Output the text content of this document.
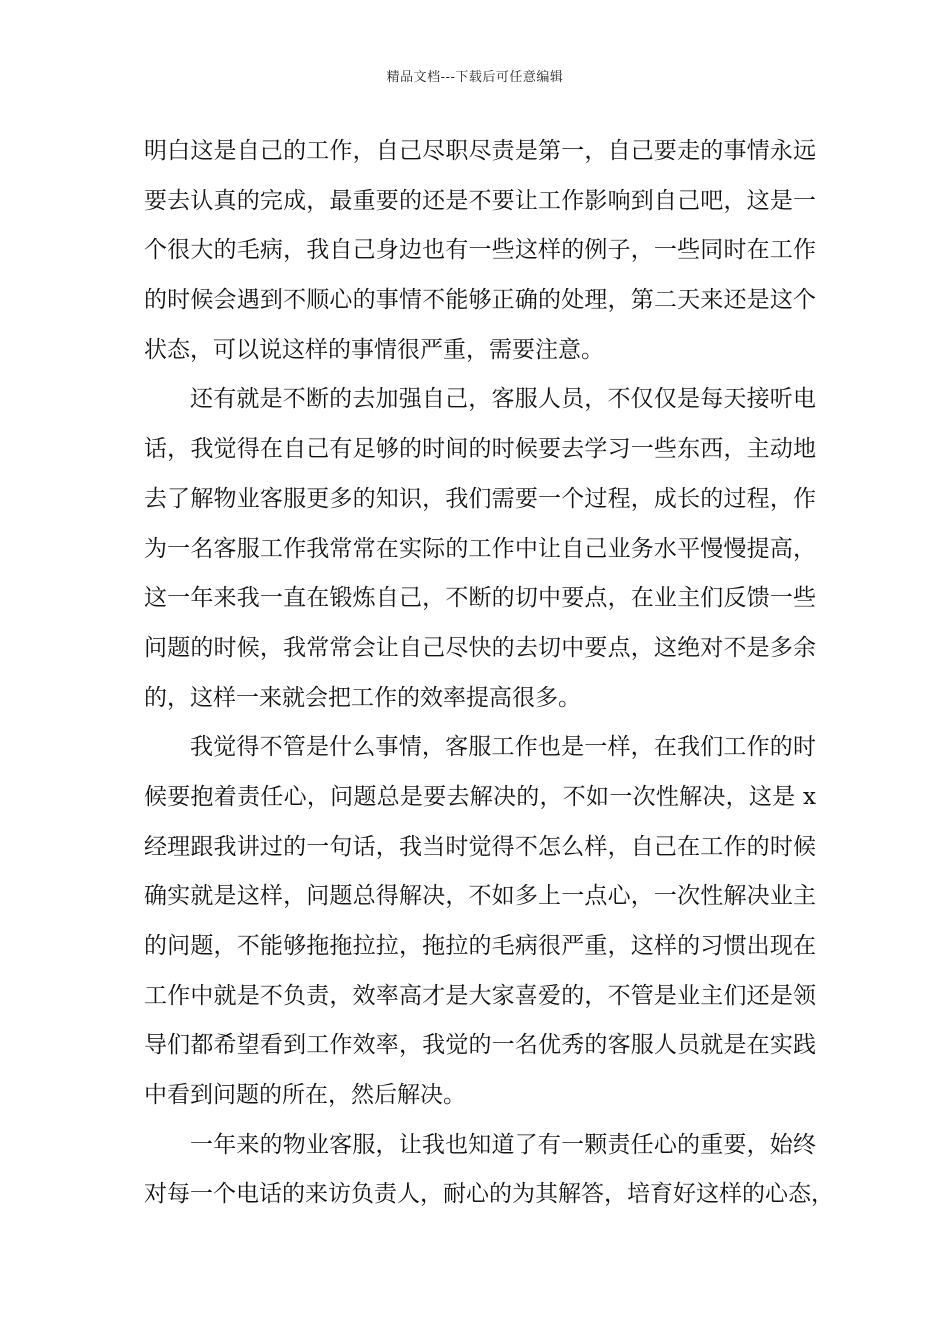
精品文档---下载后可任意编辑
明白这是自己的工作，自己尽职尽责是第一，自己要走的事情永远
要去认真的完成，最重要的还是不要让工作影响到自己吧，这是一
个很大的毛病，我自己身边也有一些这样的例子，一些同时在工作
的时候会遇到不顺心的事情不能够正确的处理，第二天来还是这个
状态，可以说这样的事情很严重，需要注意。
还有就是不断的去加强自己，客服人员，不仅仅是每天接听电
话，我觉得在自己有足够的时间的时候要去学习一些东西，主动地
去了解物业客服更多的知识，我们需要一个过程，成长的过程，作
为一名客服工作我常常在实际的工作中让自己业务水平慢慢提高，
这一年来我一直在锻炼自己，不断的切中要点，在业主们反馈一些
问题的时候，我常常会让自己尽快的去切中要点，这绝对不是多余
的，这样一来就会把工作的效率提高很多。
我觉得不管是什么事情，客服工作也是一样，在我们工作的时
候要抱着责任心，问题总是要去解决的，不如一次性解决，这是 x
经理跟我讲过的一句话，我当时觉得不怎么样，自己在工作的时候
确实就是这样，问题总得解决，不如多上一点心，一次性解决业主
的问题，不能够拖拖拉拉，拖拉的毛病很严重，这样的习惯出现在
工作中就是不负责，效率高才是大家喜爱的，不管是业主们还是领
导们都希望看到工作效率，我觉的一名优秀的客服人员就是在实践
中看到问题的所在，然后解决。
一年来的物业客服，让我也知道了有一颗责任心的重要，始终
对每一个电话的来访负责人，耐心的为其解答，培育好这样的心态，
